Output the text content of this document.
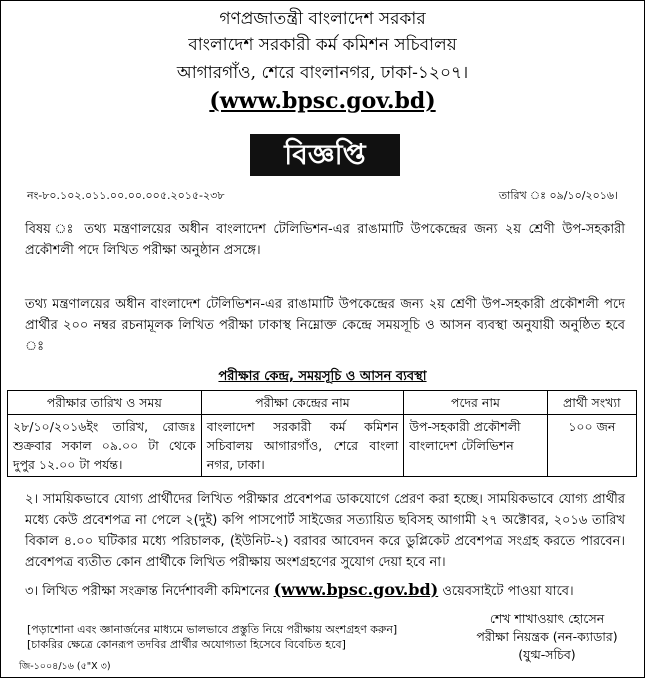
গণপ্রজাতন্ত্রী বাংলাদেশ সরকার
বাংলাদেশ সরকারী কর্ম কমিশন সচিবালয়
আগারগাঁও, শেরে বাংলানগর, ঢাকা-১২০৭।
(www.bpsc.gov.bd)
বিজ্ঞপ্তি
নং-৮০.১০২.০১১.০০.০০.০০৫.২০১৫-২৩৮	তারিখ ঃ ০৯/১০/২০১৬।
বিষয় ঃ তথ্য মন্ত্রণালয়ের অধীন বাংলাদেশ টেলিভিশন-এর রাঙামাটি উপকেন্দ্রের জন্য ২য় শ্রেণী উপ-সহকারী প্রকৌশলী পদে লিখিত পরীক্ষা অনুষ্ঠান প্রসঙ্গে।
তথ্য মন্ত্রণালয়ের অধীন বাংলাদেশ টেলিভিশন-এর রাঙামাটি উপকেন্দ্রের জন্য ২য় শ্রেণী উপ-সহকারী প্রকৌশলী পদে প্রার্থীর ২০০ নম্বর রচনামূলক লিখিত পরীক্ষা ঢাকাস্থ নিম্নোক্ত কেন্দ্রে সময়সূচি ও আসন ব্যবস্থা অনুযায়ী অনুষ্ঠিত হবে ঃ
পরীক্ষার কেন্দ্র, সময়সূচি ও আসন ব্যবস্থা
পরীক্ষার তারিখ ও সময়	পরীক্ষা কেন্দ্রের নাম	পদের নাম	প্রার্থী সংখ্যা
২৮/১০/২০১৬ইং তারিখ, রোজঃ শুক্রবার সকাল ০৯.০০ টা থেকে দুপুর ১২.০০ টা পর্যন্ত।	বাংলাদেশ সরকারী কর্ম কমিশন সচিবালয় আগারগাঁও, শেরে বাংলা নগর, ঢাকা।	উপ-সহকারী প্রকৌশলী বাংলাদেশ টেলিভিশন	১০০ জন
২। সাময়িকভাবে যোগ্য প্রার্থীদের লিখিত পরীক্ষার প্রবেশপত্র ডাকযোগে প্রেরণ করা হচ্ছে। সাময়িকভাবে যোগ্য প্রার্থীর মধ্যে কেউ প্রবেশপত্র না পেলে ২(দুই) কপি পাসপোর্ট সাইজের সত্যায়িত ছবিসহ আগামী ২৭ অক্টোবর, ২০১৬ তারিখ বিকাল ৪.০০ ঘটিকার মধ্যে পরিচালক, (ইউনিট-২) বরাবর আবেদন করে ডুপ্লিকেট প্রবেশপত্র সংগ্রহ করতে পারবেন। প্রবেশপত্র ব্যতীত কোন প্রার্থীকে লিখিত পরীক্ষায় অংশগ্রহণের সুযোগ দেয়া হবে না।
৩। লিখিত পরীক্ষা সংক্রান্ত নির্দেশাবলী কমিশনের (www.bpsc.gov.bd) ওয়েবসাইটে পাওয়া যাবে।
[পড়াশোনা এবং জ্ঞানার্জনের মাধ্যমে ভালভাবে প্রস্তুতি নিয়ে পরীক্ষায় অংশগ্রহণ করুন]
[চাকরির ক্ষেত্রে কোনরূপ তদবির প্রার্থীর অযোগ্যতা হিসেবে বিবেচিত হবে]
শেখ শাখাওয়াৎ হোসেন
পরীক্ষা নিয়ন্ত্রক (নন-ক্যাডার)
(যুগ্ম-সচিব)
জি-১০০৪/১৬ (৫"X ৩)
